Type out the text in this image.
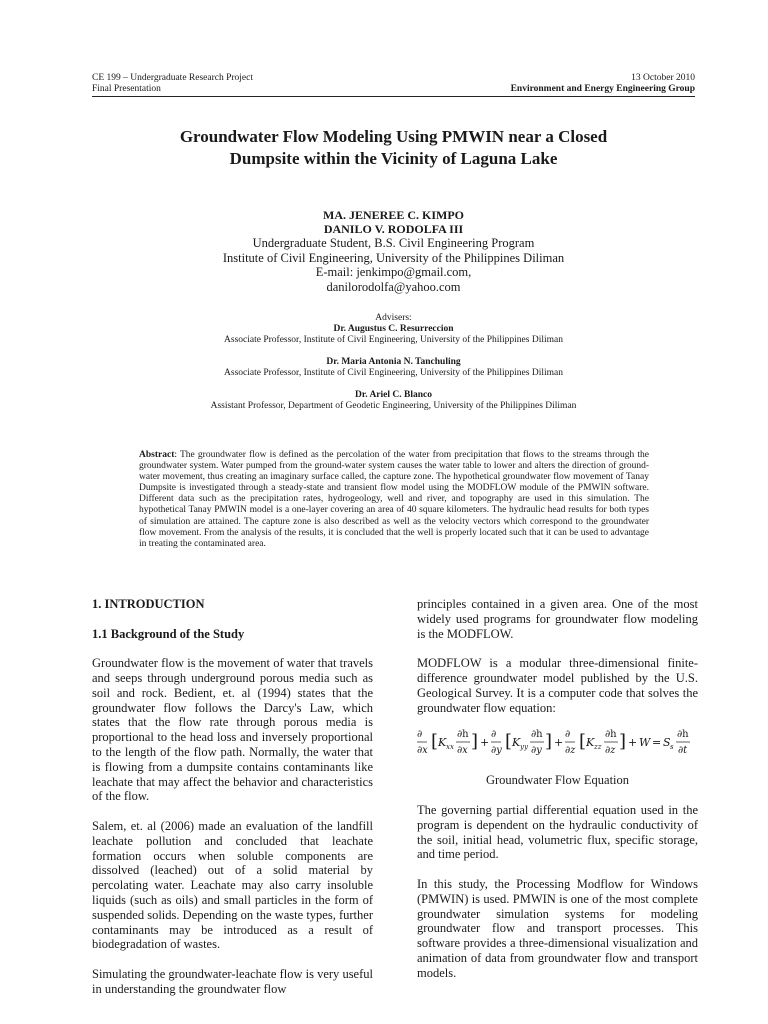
CE 199 – Undergraduate Research Project
Final Presentation
13 October 2010
Environment and Energy Engineering Group
Groundwater Flow Modeling Using PMWIN near a Closed
Dumpsite within the Vicinity of Laguna Lake
MA. JENEREE C. KIMPO
DANILO V. RODOLFA III
Undergraduate Student, B.S. Civil Engineering Program
Institute of Civil Engineering, University of the Philippines Diliman
E-mail: jenkimpo@gmail.com,
danilorodolfa@yahoo.com
Advisers:
Dr. Augustus C. Resurreccion
Associate Professor, Institute of Civil Engineering, University of the Philippines Diliman
Dr. Maria Antonia N. Tanchuling
Associate Professor, Institute of Civil Engineering, University of the Philippines Diliman
Dr. Ariel C. Blanco
Assistant Professor, Department of Geodetic Engineering, University of the Philippines Diliman
Abstract: The groundwater flow is defined as the percolation of the water from precipitation that flows to the streams through the groundwater system. Water pumped from the ground-water system causes the water table to lower and alters the direction of ground-water movement, thus creating an imaginary surface called, the capture zone. The hypothetical groundwater flow movement of Tanay Dumpsite is investigated through a steady-state and transient flow model using the MODFLOW module of the PMWIN software. Different data such as the precipitation rates, hydrogeology, well and river, and topography are used in this simulation. The hypothetical Tanay PMWIN model is a one-layer covering an area of 40 square kilometers. The hydraulic head results for both types of simulation are attained. The capture zone is also described as well as the velocity vectors which correspond to the groundwater flow movement. From the analysis of the results, it is concluded that the well is properly located such that it can be used to advantage in treating the contaminated area.
1. INTRODUCTION
1.1 Background of the Study

Groundwater flow is the movement of water that travels and seeps through underground porous media such as soil and rock. Bedient, et. al (1994) states that the groundwater flow follows the Darcy's Law, which states that the flow rate through porous media is proportional to the head loss and inversely proportional to the length of the flow path. Normally, the water that is flowing from a dumpsite contains contaminants like leachate that may affect the behavior and characteristics of the flow.

Salem, et. al (2006) made an evaluation of the landfill leachate pollution and concluded that leachate formation occurs when soluble components are dissolved (leached) out of a solid material by percolating water. Leachate may also carry insoluble liquids (such as oils) and small particles in the form of suspended solids. Depending on the waste types, further contaminants may be introduced as a result of biodegradation of wastes.

Simulating the groundwater-leachate flow is very useful in understanding the groundwater flow

principles contained in a given area. One of the most widely used programs for groundwater flow modeling is the MODFLOW.

MODFLOW is a modular three-dimensional finite-difference groundwater model published by the U.S. Geological Survey. It is a computer code that solves the groundwater flow equation:

∂
∂x [ K xx
∂h
∂x ] +
∂
∂y [ K yy
∂h
∂y ] +
∂
∂z [ K zz
∂h
∂z ] + W = S s
∂h
∂t
Groundwater Flow Equation

The governing partial differential equation used in the program is dependent on the hydraulic conductivity of the soil, initial head, volumetric flux, specific storage, and time period.

In this study, the Processing Modflow for Windows (PMWIN) is used. PMWIN is one of the most complete groundwater simulation systems for modeling groundwater flow and transport processes. This software provides a three-dimensional visualization and animation of data from groundwater flow and transport models.
